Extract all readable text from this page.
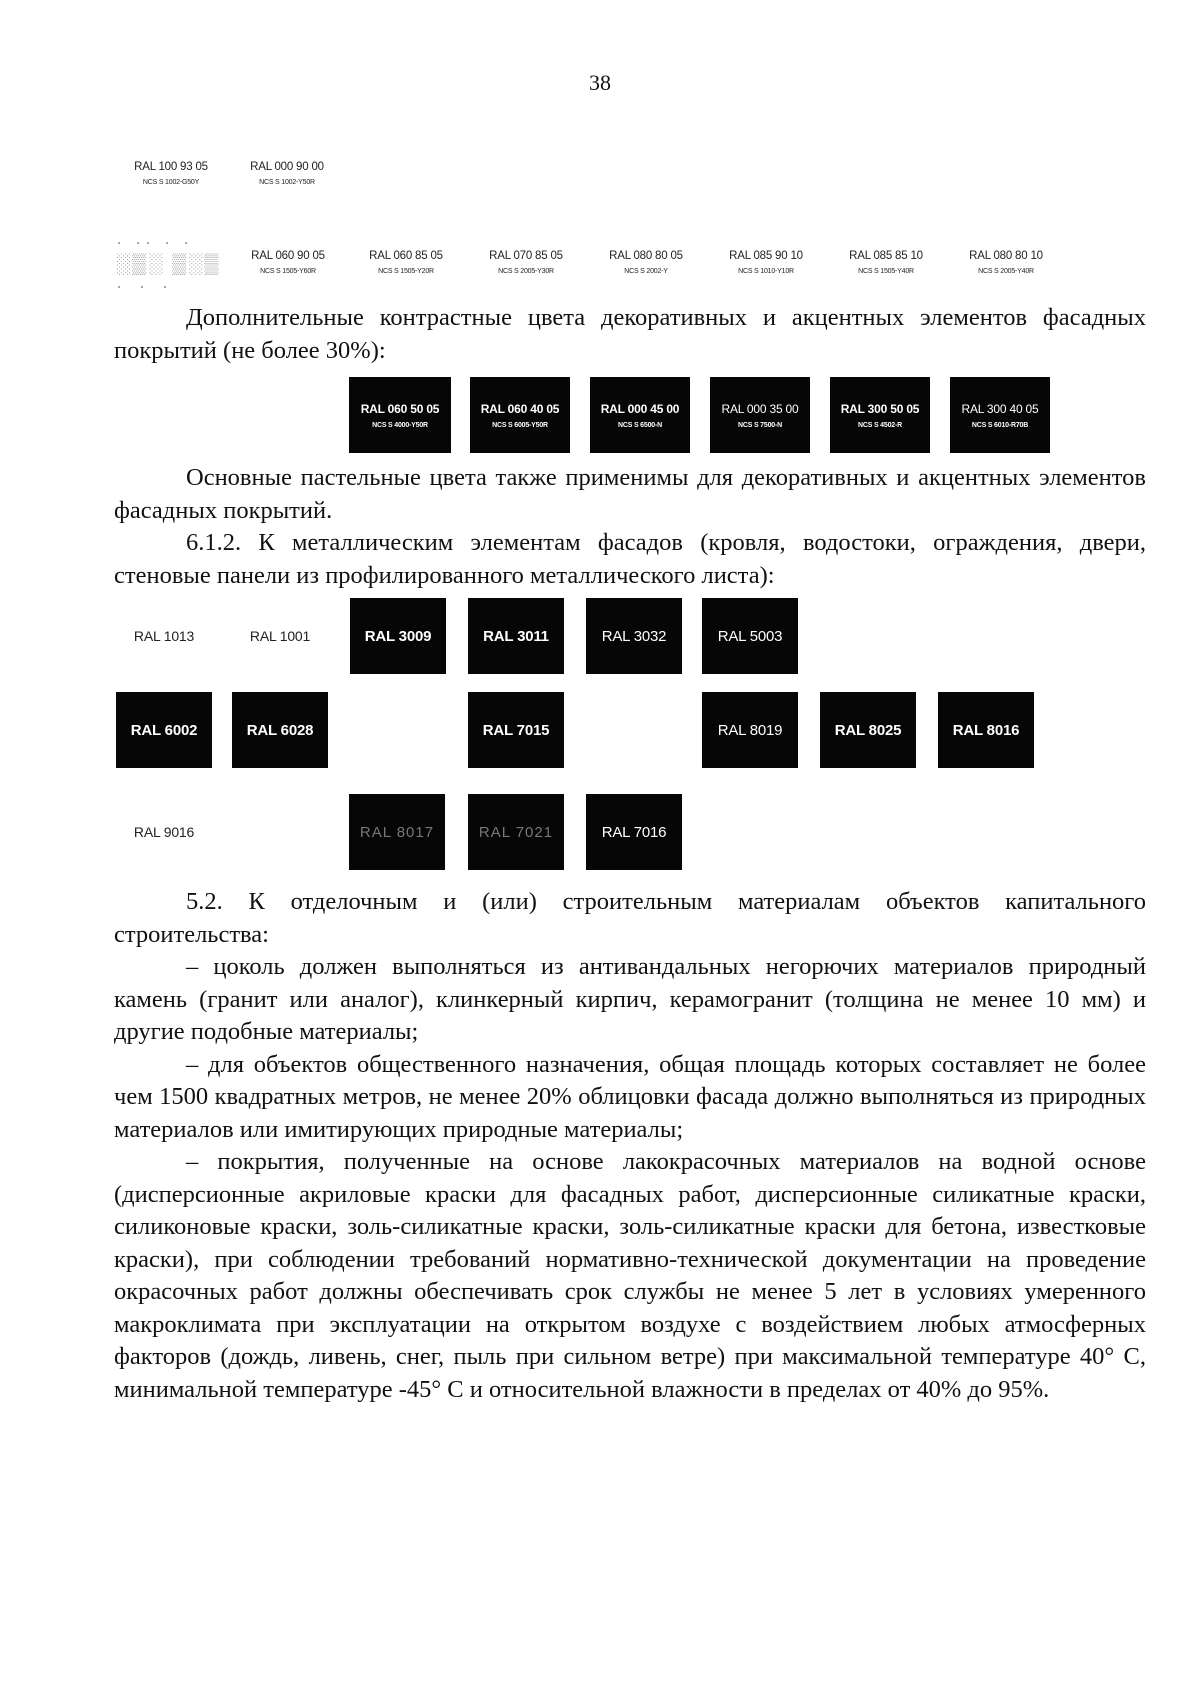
38
RAL 100 93 05
NCS S 1002-G50Y
RAL 000 90 00
NCS S 1002-Y50R
· ·· · ·
░▒░ ▒░▒
· · ·
RAL 060 90 05
NCS S 1505-Y60R
RAL 060 85 05
NCS S 1505-Y20R
RAL 070 85 05
NCS S 2005-Y30R
RAL 080 80 05
NCS S 2002-Y
RAL 085 90 10
NCS S 1010-Y10R
RAL 085 85 10
NCS S 1505-Y40R
RAL 080 80 10
NCS S 2005-Y40R

Дополнительные контрастные цвета декоративных и акцентных элементов фасадных покрытий (не более 30%):

RAL 060 50 05
NCS S 4000-Y50R
RAL 060 40 05
NCS S 6005-Y50R
RAL 000 45 00
NCS S 6500-N
RAL 000 35 00
NCS S 7500-N
RAL 300 50 05
NCS S 4502-R
RAL 300 40 05
NCS S 6010-R70B

Основные пастельные цвета также применимы для декоративных и акцентных элементов фасадных покрытий.

6.1.2. К металлическим элементам фасадов (кровля, водостоки, ограждения, двери, стеновые панели из профилированного металлического листа):

RAL 1013	RAL 1001	RAL 3009	RAL 3011	RAL 3032	RAL 5003
RAL 6002	RAL 6028	RAL 7015	RAL 8019	RAL 8025	RAL 8016
RAL 9016	RAL 8017	RAL 7021	RAL 7016

5.2. К отделочным и (или) строительным материалам объектов капитального строительства:

– цоколь должен выполняться из антивандальных негорючих материалов природный камень (гранит или аналог), клинкерный кирпич, керамогранит (толщина не менее 10 мм) и другие подобные материалы;

– для объектов общественного назначения, общая площадь которых составляет не более чем 1500 квадратных метров, не менее 20% облицовки фасада должно выполняться из природных материалов или имитирующих природные материалы;

– покрытия, полученные на основе лакокрасочных материалов на водной основе (дисперсионные акриловые краски для фасадных работ, дисперсионные силикатные краски, силиконовые краски, золь-силикатные краски, золь-силикатные краски для бетона, известковые краски), при соблюдении требований нормативно-технической документации на проведение окрасочных работ должны обеспечивать срок службы не менее 5 лет в условиях умеренного макроклимата при эксплуатации на открытом воздухе с воздействием любых атмосферных факторов (дождь, ливень, снег, пыль при сильном ветре) при максимальной температуре 40° С, минимальной температуре -45° С и относительной влажности в пределах от 40% до 95%.
